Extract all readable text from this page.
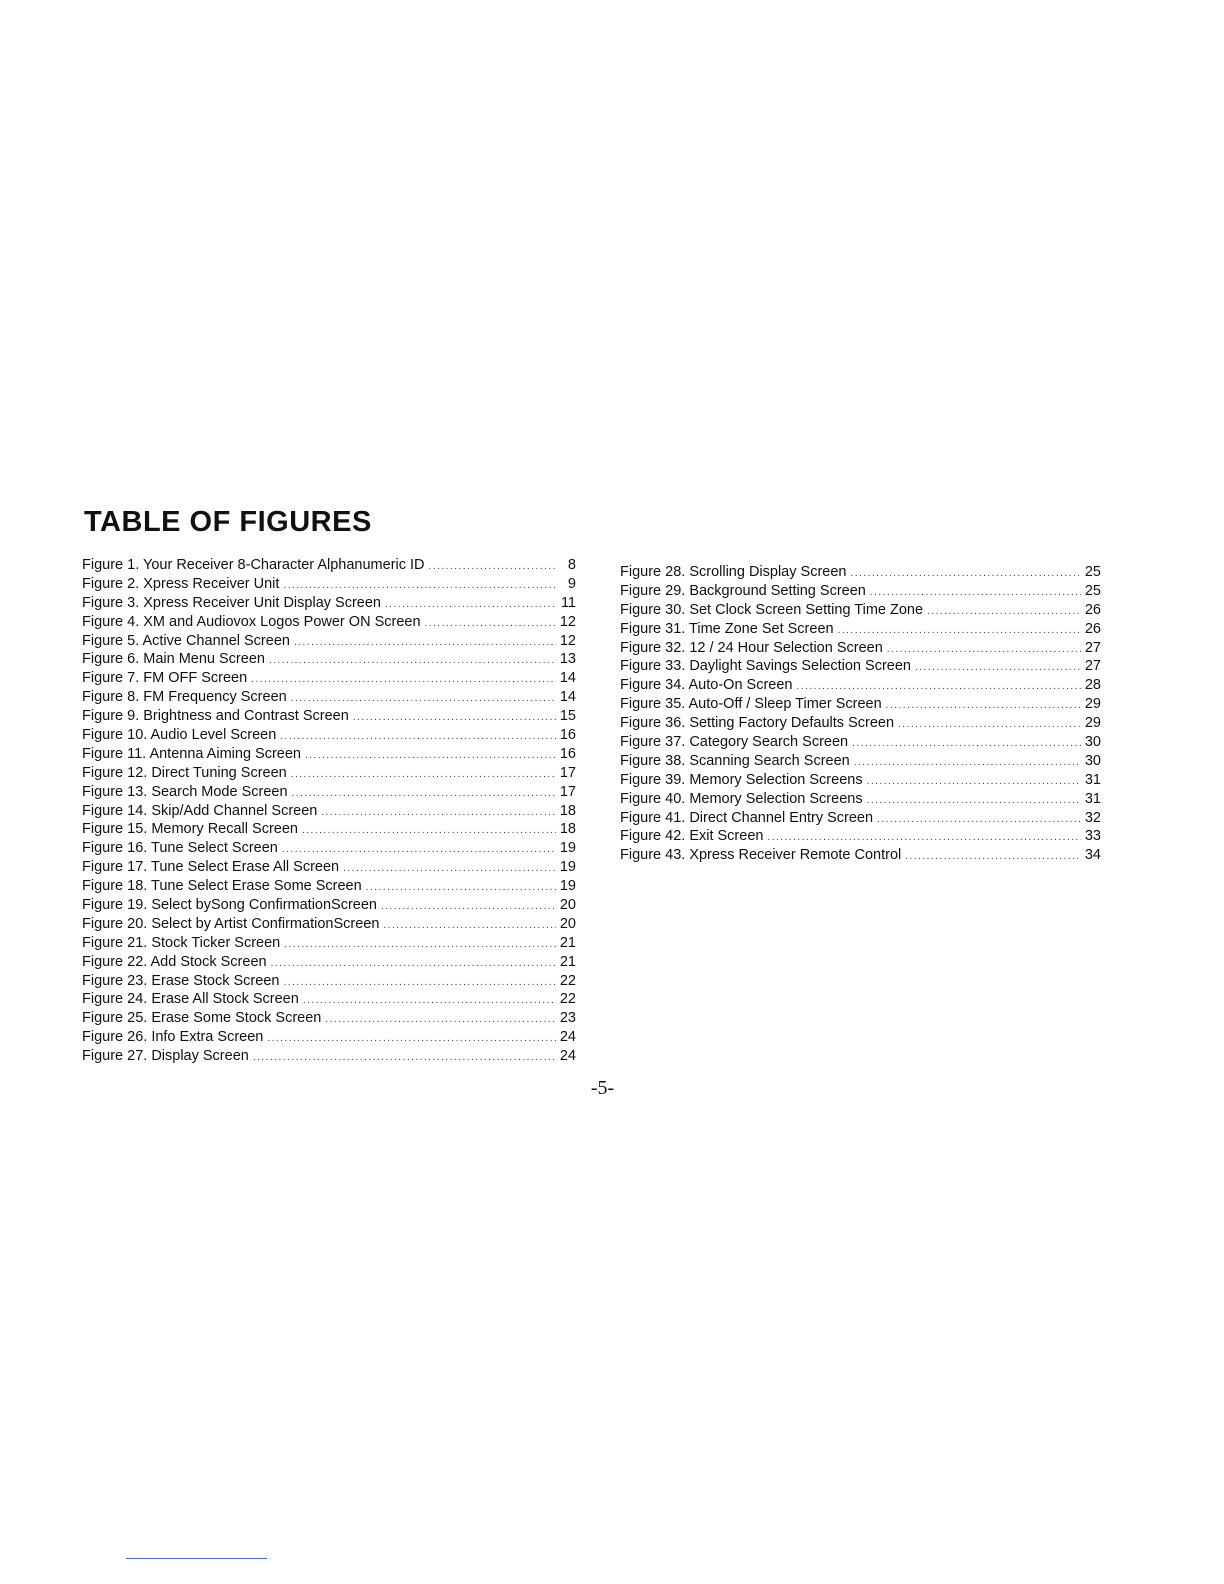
TABLE OF FIGURES
Figure 1. Your Receiver 8-Character Alphanumeric ID .....	8
Figure 2. Xpress Receiver Unit .....	9
Figure 3. Xpress Receiver Unit Display Screen .....	11
Figure 4. XM and Audiovox Logos Power ON Screen .....	12
Figure 5. Active Channel Screen .....	12
Figure 6. Main Menu Screen .....	13
Figure 7. FM OFF Screen .....	14
Figure 8. FM Frequency Screen .....	14
Figure 9. Brightness and Contrast Screen .....	15
Figure 10. Audio Level Screen .....	16
Figure 11. Antenna Aiming Screen .....	16
Figure 12. Direct Tuning Screen .....	17
Figure 13. Search Mode Screen .....	17
Figure 14. Skip/Add Channel Screen .....	18
Figure 15. Memory Recall Screen .....	18
Figure 16. Tune Select Screen .....	19
Figure 17. Tune Select Erase All Screen .....	19
Figure 18. Tune Select Erase Some Screen .....	19
Figure 19. Select bySong ConfirmationScreen .....	20
Figure 20. Select by Artist ConfirmationScreen .....	20
Figure 21. Stock Ticker Screen .....	21
Figure 22. Add Stock Screen .....	21
Figure 23. Erase Stock Screen .....	22
Figure 24. Erase All Stock Screen .....	22
Figure 25. Erase Some Stock Screen .....	23
Figure 26. Info Extra Screen .....	24
Figure 27. Display Screen .....	24
Figure 28. Scrolling Display Screen .....	25
Figure 29. Background Setting Screen .....	25
Figure 30. Set Clock Screen Setting Time Zone .....	26
Figure 31. Time Zone Set Screen .....	26
Figure 32. 12 / 24 Hour Selection Screen .....	27
Figure 33. Daylight Savings Selection Screen .....	27
Figure 34. Auto-On Screen .....	28
Figure 35. Auto-Off / Sleep Timer Screen .....	29
Figure 36. Setting Factory Defaults Screen .....	29
Figure 37. Category Search Screen .....	30
Figure 38. Scanning Search Screen .....	30
Figure 39. Memory Selection Screens .....	31
Figure 40. Memory Selection Screens .....	31
Figure 41. Direct Channel Entry Screen .....	32
Figure 42. Exit Screen .....	33
Figure 43. Xpress Receiver Remote Control .....	34
-5-
